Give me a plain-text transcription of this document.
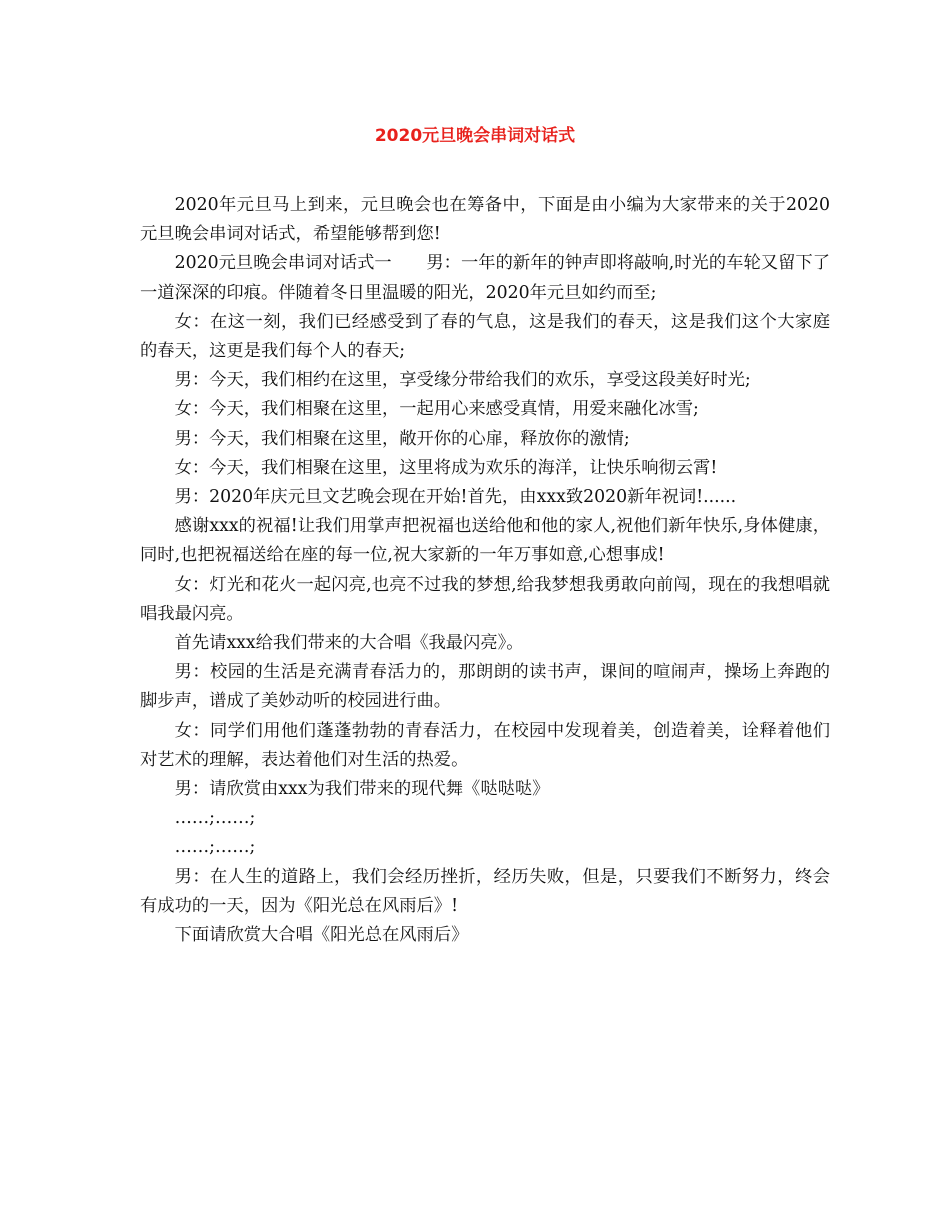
2020元旦晚会串词对话式

2020年元旦马上到来，元旦晚会也在筹备中，下面是由小编为大家带来的关于2020元旦晚会串词对话式，希望能够帮到您!

2020元旦晚会串词对话式一　　男：一年的新年的钟声即将敲响,时光的车轮又留下了一道深深的印痕。伴随着冬日里温暖的阳光，2020年元旦如约而至;

女：在这一刻，我们已经感受到了春的气息，这是我们的春天，这是我们这个大家庭的春天，这更是我们每个人的春天;

男：今天，我们相约在这里，享受缘分带给我们的欢乐，享受这段美好时光;

女：今天，我们相聚在这里，一起用心来感受真情，用爱来融化冰雪;

男：今天，我们相聚在这里，敞开你的心扉，释放你的激情;

女：今天，我们相聚在这里，这里将成为欢乐的海洋，让快乐响彻云霄!

男：2020年庆元旦文艺晚会现在开始!首先，由xxx致2020新年祝词!......

感谢xxx的祝福!让我们用掌声把祝福也送给他和他的家人,祝他们新年快乐,身体健康，同时,也把祝福送给在座的每一位,祝大家新的一年万事如意,心想事成!

女：灯光和花火一起闪亮,也亮不过我的梦想,给我梦想我勇敢向前闯，现在的我想唱就唱我最闪亮。

首先请xxx给我们带来的大合唱《我最闪亮》。

男：校园的生活是充满青春活力的，那朗朗的读书声，课间的喧闹声，操场上奔跑的脚步声，谱成了美妙动听的校园进行曲。

女：同学们用他们蓬蓬勃勃的青春活力，在校园中发现着美，创造着美，诠释着他们对艺术的理解，表达着他们对生活的热爱。

男：请欣赏由xxx为我们带来的现代舞《哒哒哒》

……;……;

……;……;

男：在人生的道路上，我们会经历挫折，经历失败，但是，只要我们不断努力，终会有成功的一天，因为《阳光总在风雨后》!

下面请欣赏大合唱《阳光总在风雨后》
